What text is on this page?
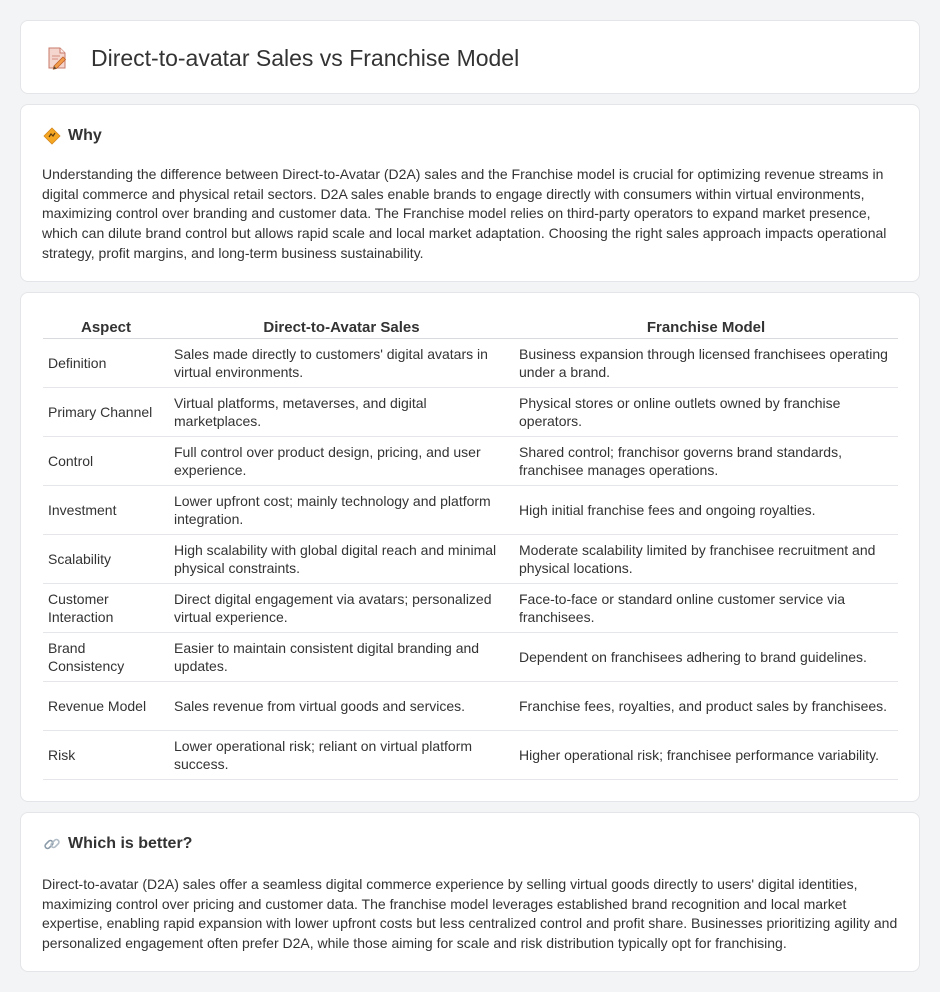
Direct-to-avatar Sales vs Franchise Model
Why

Understanding the difference between Direct-to-Avatar (D2A) sales and the Franchise model is crucial for optimizing revenue streams in digital commerce and physical retail sectors. D2A sales enable brands to engage directly with consumers within virtual environments, maximizing control over branding and customer data. The Franchise model relies on third-party operators to expand market presence, which can dilute brand control but allows rapid scale and local market adaptation. Choosing the right sales approach impacts operational strategy, profit margins, and long-term business sustainability.

Aspect	Direct-to-Avatar Sales	Franchise Model
Definition	Sales made directly to customers' digital avatars in virtual environments.	Business expansion through licensed franchisees operating under a brand.
Primary Channel	Virtual platforms, metaverses, and digital marketplaces.	Physical stores or online outlets owned by franchise operators.
Control	Full control over product design, pricing, and user experience.	Shared control; franchisor governs brand standards, franchisee manages operations.
Investment	Lower upfront cost; mainly technology and platform integration.	High initial franchise fees and ongoing royalties.
Scalability	High scalability with global digital reach and minimal physical constraints.	Moderate scalability limited by franchisee recruitment and physical locations.
Customer Interaction	Direct digital engagement via avatars; personalized virtual experience.	Face-to-face or standard online customer service via franchisees.
Brand Consistency	Easier to maintain consistent digital branding and updates.	Dependent on franchisees adhering to brand guidelines.
Revenue Model	Sales revenue from virtual goods and services.	Franchise fees, royalties, and product sales by franchisees.
Risk	Lower operational risk; reliant on virtual platform success.	Higher operational risk; franchisee performance variability.
Which is better?

Direct-to-avatar (D2A) sales offer a seamless digital commerce experience by selling virtual goods directly to users' digital identities, maximizing control over pricing and customer data. The franchise model leverages established brand recognition and local market expertise, enabling rapid expansion with lower upfront costs but less centralized control and profit share. Businesses prioritizing agility and personalized engagement often prefer D2A, while those aiming for scale and risk distribution typically opt for franchising.
